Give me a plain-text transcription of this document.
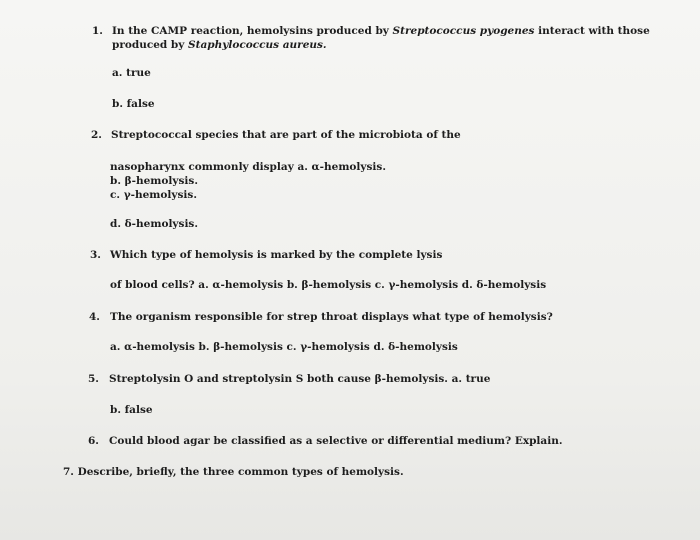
1. In the CAMP reaction, hemolysins produced by Streptococcus pyogenes interact with those
produced by Staphylococcus aureus.
a. true
b. false
2. Streptococcal species that are part of the microbiota of the
nasopharynx commonly display a. α-hemolysis.
b. β-hemolysis.
c. γ-hemolysis.
d. δ-hemolysis.
3. Which type of hemolysis is marked by the complete lysis
of blood cells? a. α-hemolysis b. β-hemolysis c. γ-hemolysis d. δ-hemolysis
4. The organism responsible for strep throat displays what type of hemolysis?
a. α-hemolysis b. β-hemolysis c. γ-hemolysis d. δ-hemolysis
5. Streptolysin O and streptolysin S both cause β-hemolysis. a. true
b. false
6. Could blood agar be classified as a selective or differential medium? Explain.
7. Describe, briefly, the three common types of hemolysis.
